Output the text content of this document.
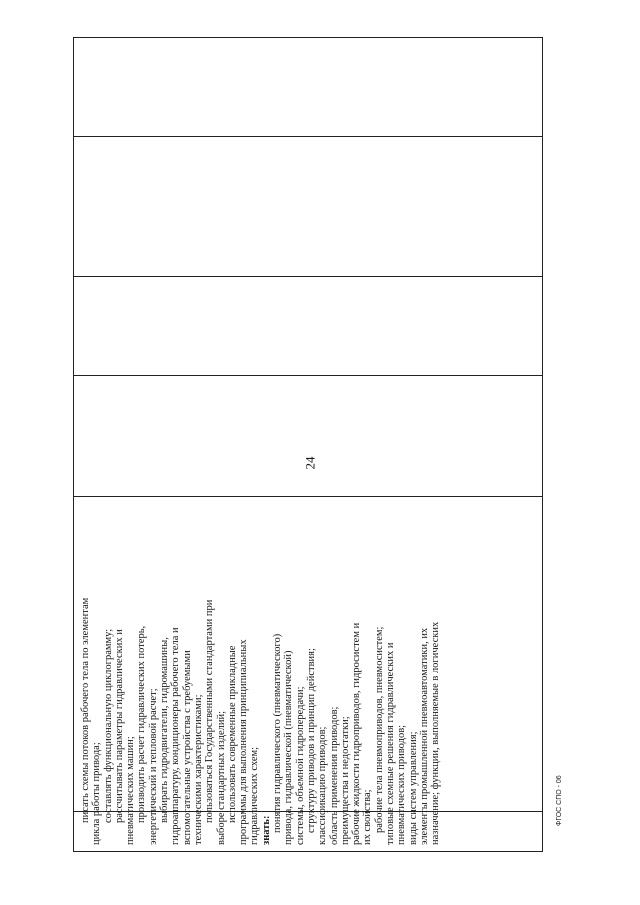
24
ФГОС СПО - 06
писать схемы потоков рабочего тела по элементам цикла работы привода; составлять функциональную циклограмму; рассчитывать параметры гидравлических и пневматических машин; производить расчет гидравлических потерь, энергетический и тепловой расчет; выбирать гидродвигатели, гидромашины, гидроаппаратуру, кондиционеры рабочего тела и вспомогательные устройства с требуемыми техническими характеристиками; пользоваться Государственными стандартами при выборе стандартных изделий; использовать современные прикладные программы для выполнения принципиальных гидравлических схем; знать: понятия гидравлического (пневматического) привода, гидравлической (пневматической) системы, объемной гидропередачи; структуру приводов и принцип действия; классификацию приводов; область применения приводов; преимущества и недостатки; рабочие жидкости гидроприводов, гидросистем и их свойства; рабочие тела пневмоприводов, пневмосистем; типовые схемные решения гидравлических и пневматических приводов; виды систем управления; элементы промышленной пневмоавтоматики, их назначение; функции, выполняемые в логических
